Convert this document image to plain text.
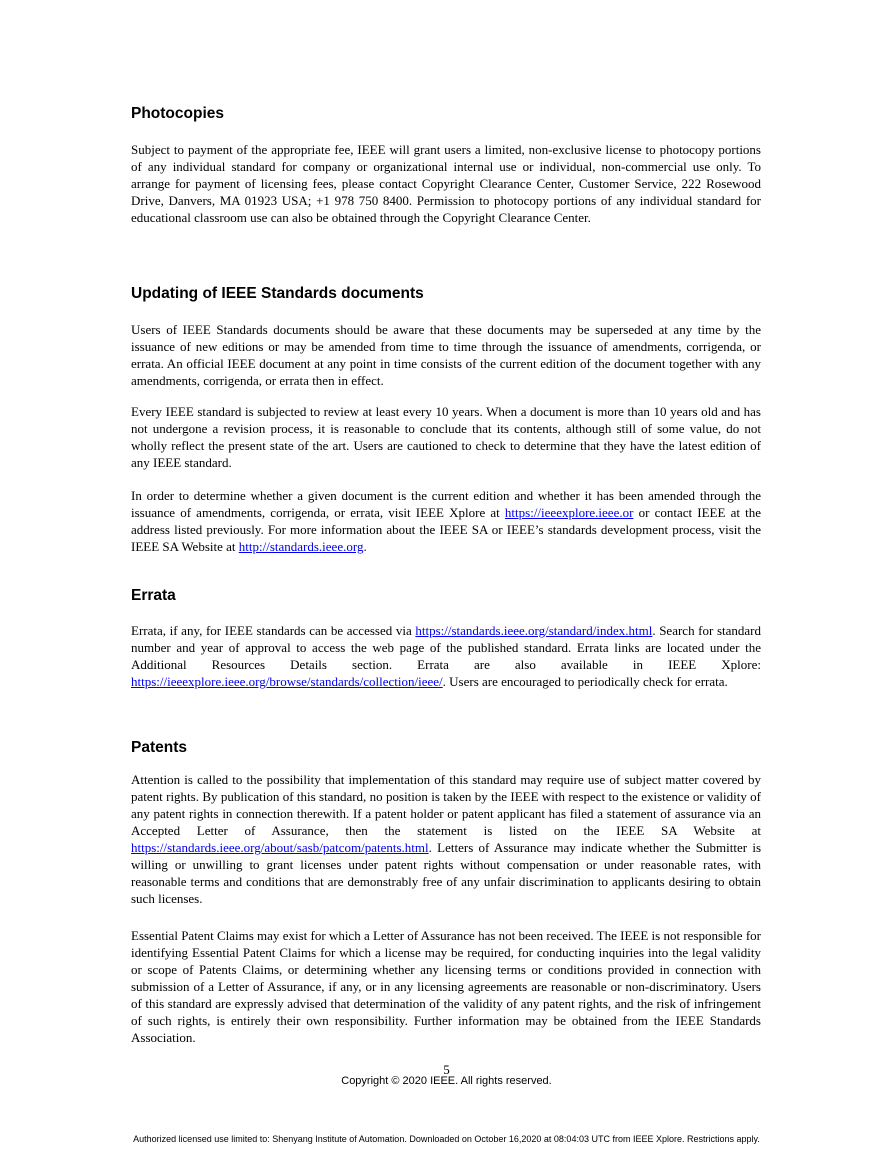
Photocopies

Subject to payment of the appropriate fee, IEEE will grant users a limited, non-exclusive license to photocopy portions of any individual standard for company or organizational internal use or individual, non-commercial use only. To arrange for payment of licensing fees, please contact Copyright Clearance Center, Customer Service, 222 Rosewood Drive, Danvers, MA 01923 USA; +1 978 750 8400. Permission to photocopy portions of any individual standard for educational classroom use can also be obtained through the Copyright Clearance Center.

Updating of IEEE Standards documents

Users of IEEE Standards documents should be aware that these documents may be superseded at any time by the issuance of new editions or may be amended from time to time through the issuance of amendments, corrigenda, or errata. An official IEEE document at any point in time consists of the current edition of the document together with any amendments, corrigenda, or errata then in effect.

Every IEEE standard is subjected to review at least every 10 years. When a document is more than 10 years old and has not undergone a revision process, it is reasonable to conclude that its contents, although still of some value, do not wholly reflect the present state of the art. Users are cautioned to check to determine that they have the latest edition of any IEEE standard.

In order to determine whether a given document is the current edition and whether it has been amended through the issuance of amendments, corrigenda, or errata, visit IEEE Xplore at https://ieeexplore.ieee.or or contact IEEE at the address listed previously. For more information about the IEEE SA or IEEE’s standards development process, visit the IEEE SA Website at http://standards.ieee.org.

Errata

Errata, if any, for IEEE standards can be accessed via https://standards.ieee.org/standard/index.html. Search for standard number and year of approval to access the web page of the published standard. Errata links are located under the Additional Resources Details section. Errata are also available in IEEE Xplore: https://ieeexplore.ieee.org/browse/standards/collection/ieee/. Users are encouraged to periodically check for errata.

Patents

Attention is called to the possibility that implementation of this standard may require use of subject matter covered by patent rights. By publication of this standard, no position is taken by the IEEE with respect to the existence or validity of any patent rights in connection therewith. If a patent holder or patent applicant has filed a statement of assurance via an Accepted Letter of Assurance, then the statement is listed on the IEEE SA Website at https://standards.ieee.org/about/sasb/patcom/patents.html. Letters of Assurance may indicate whether the Submitter is willing or unwilling to grant licenses under patent rights without compensation or under reasonable rates, with reasonable terms and conditions that are demonstrably free of any unfair discrimination to applicants desiring to obtain such licenses.

Essential Patent Claims may exist for which a Letter of Assurance has not been received. The IEEE is not responsible for identifying Essential Patent Claims for which a license may be required, for conducting inquiries into the legal validity or scope of Patents Claims, or determining whether any licensing terms or conditions provided in connection with submission of a Letter of Assurance, if any, or in any licensing agreements are reasonable or non-discriminatory. Users of this standard are expressly advised that determination of the validity of any patent rights, and the risk of infringement of such rights, is entirely their own responsibility. Further information may be obtained from the IEEE Standards Association.

5
Copyright © 2020 IEEE. All rights reserved.
Authorized licensed use limited to: Shenyang Institute of Automation. Downloaded on October 16,2020 at 08:04:03 UTC from IEEE Xplore. Restrictions apply.
